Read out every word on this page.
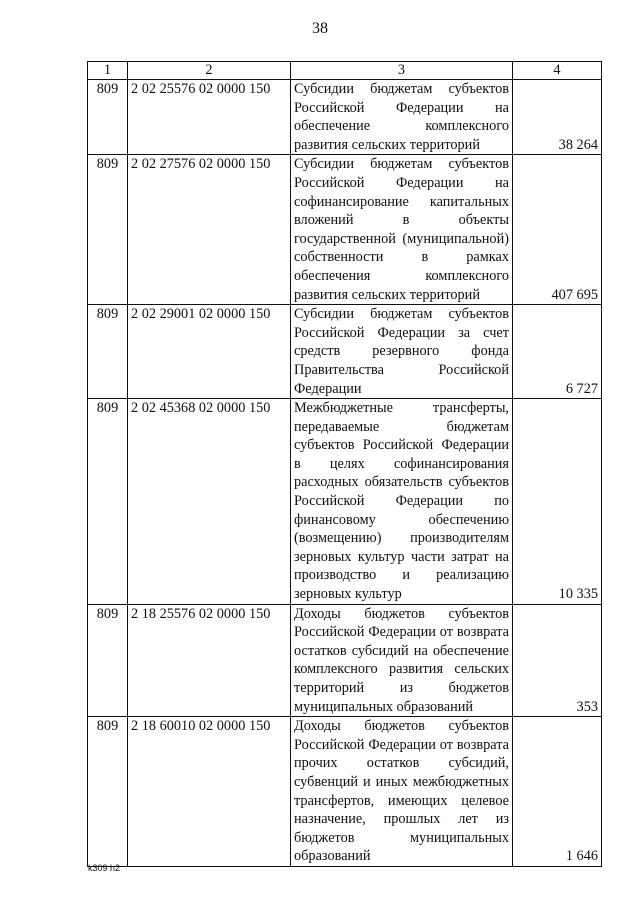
38
1	2	3	4
809	2 02 25576 02 0000 150	Субсидии бюджетам субъектов Российской Федерации на обеспечение комплексного развития сельских территорий	38 264
809	2 02 27576 02 0000 150	Субсидии бюджетам субъектов Российской Федерации на софинансирование капитальных вложений в объекты государственной (муниципальной) собственности в рамках обеспечения комплексного развития сельских территорий	407 695
809	2 02 29001 02 0000 150	Субсидии бюджетам субъектов Российской Федерации за счет средств резервного фонда Правительства Российской Федерации	6 727
809	2 02 45368 02 0000 150	Межбюджетные трансферты, передаваемые бюджетам субъектов Российской Федерации в целях софинансирования расходных обязательств субъектов Российской Федерации по финансовому обеспечению (возмещению) производителям зерновых культур части затрат на производство и реализацию зерновых культур	10 335
809	2 18 25576 02 0000 150	Доходы бюджетов субъектов Российской Федерации от возврата остатков субсидий на обеспечение комплексного развития сельских территорий из бюджетов муниципальных образований	353
809	2 18 60010 02 0000 150	Доходы бюджетов субъектов Российской Федерации от возврата прочих остатков субсидий, субвенций и иных межбюджетных трансфертов, имеющих целевое назначение, прошлых лет из бюджетов муниципальных образований	1 646
k309 h2
